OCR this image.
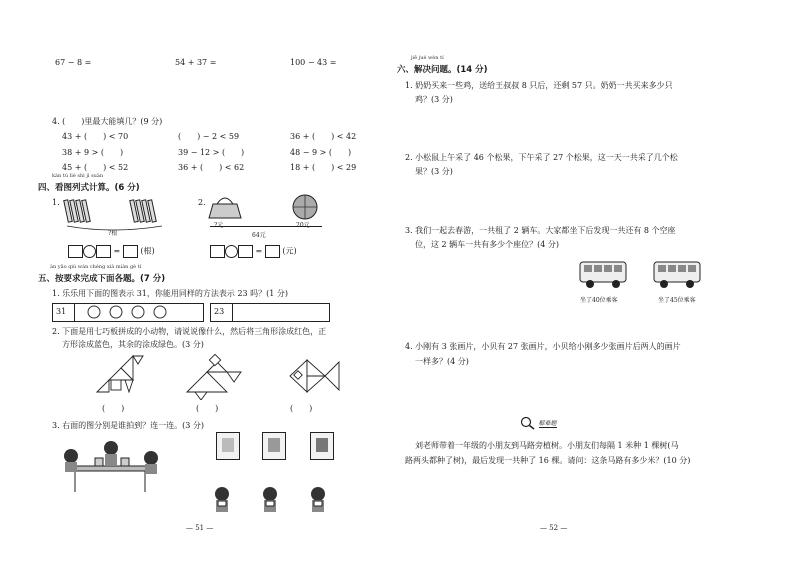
67 − 8 =	54 + 37 =	100 − 43 =
4. (　　)里最大能填几？(9 分)
43 + (　　) < 70	(　　) − 2 < 59	36 + (　　) < 42
38 + 9 > (　　)	39 − 12 > (　　)	48 − 9 > (　　)
45 + (　　) < 52	36 + (　　) < 62	18 + (　　) < 29
kàn tú liè shì jì suàn
四、看图列式计算。(6 分)
1.
?根
2.
?元	20元
64元
=  (根)	=  (元)
àn yāo qiú wán chéng xià miàn gè tí
五、按要求完成下面各题。(7 分)
1. 乐乐用下面的图表示 31，你能用同样的方法表示 23 吗？(1 分)
31	23
2. 下面是用七巧板拼成的小动物，请说说像什么，然后将三角形涂成红色，正
方形涂成蓝色，其余的涂成绿色。(3 分)
(　　)	(　　)	(　　)
3. 右面的图分别是谁拍到？连一连。(3 分)
— 51 —
jiě jué wèn tí
六、解决问题。(14 分)
1. 奶奶买来一些鸡，送给王叔叔 8 只后，还剩 57 只。奶奶一共买来多少只
鸡？(3 分)
2. 小松鼠上午采了 46 个松果，下午采了 27 个松果，这一天一共采了几个松
果？(3 分)
3. 我们一起去春游，一共租了 2 辆车。大家都坐下后发现一共还有 8 个空座
位，这 2 辆车一共有多少个座位？(4 分)
坐了40位乘客	坐了45位乘客
4. 小刚有 3 张画片，小贝有 27 张画片，小贝给小刚多少张画片后两人的画片
一样多？(4 分)
解难题
刘老师带着一年级的小朋友到马路旁植树。小朋友们每隔 1 米种 1 棵树(马
路两头都种了树)，最后发现一共种了 16 棵。请问：这条马路有多少米？(10 分)
— 52 —
